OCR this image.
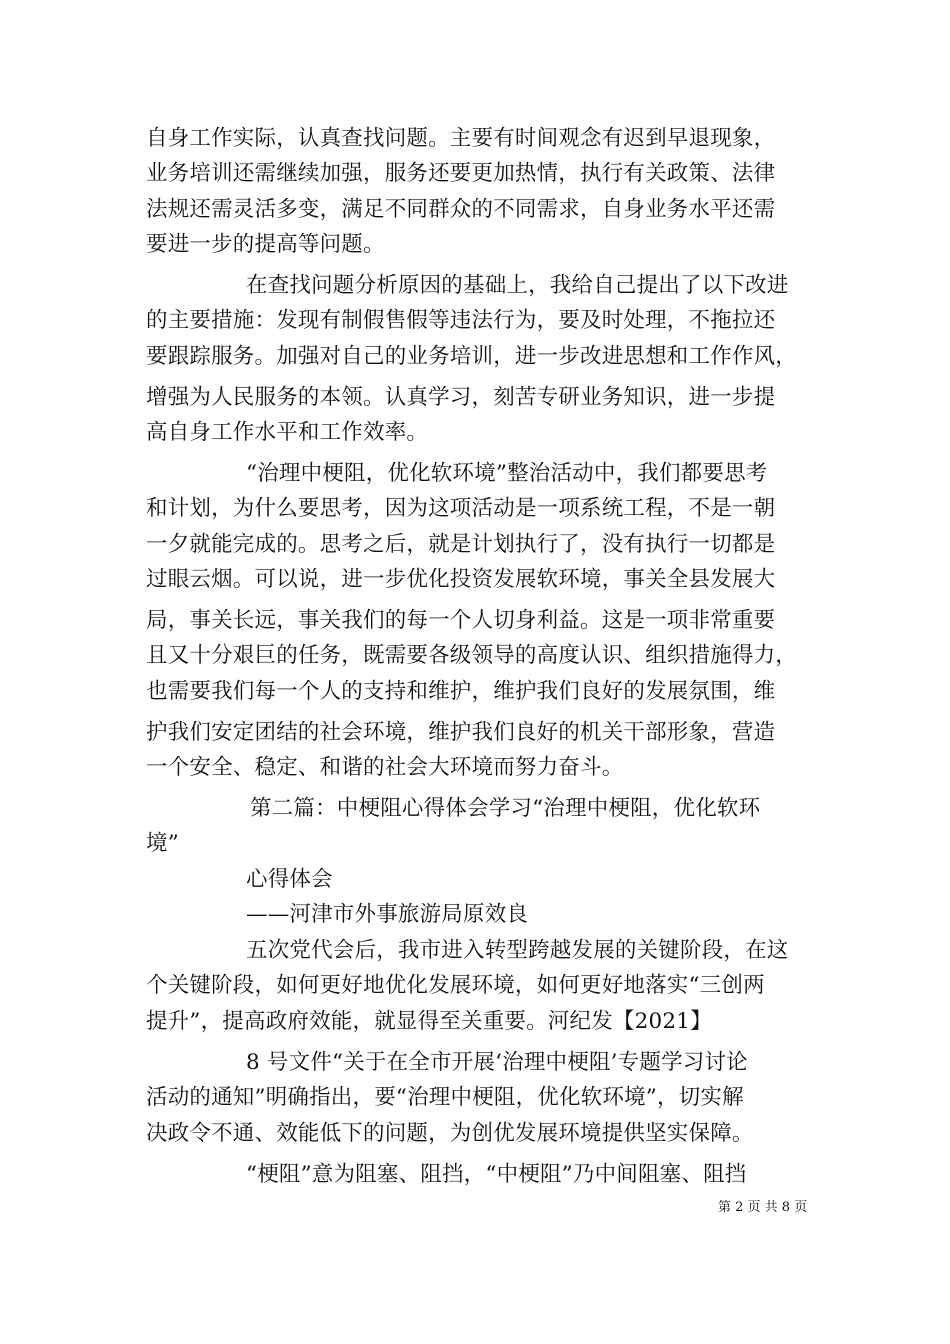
自身工作实际，认真查找问题。主要有时间观念有迟到早退现象，
业务培训还需继续加强，服务还要更加热情，执行有关政策、法律
法规还需灵活多变，满足不同群众的不同需求，自身业务水平还需
要进一步的提高等问题。
在查找问题分析原因的基础上，我给自己提出了以下改进
的主要措施：发现有制假售假等违法行为，要及时处理，不拖拉还
要跟踪服务。加强对自己的业务培训，进一步改进思想和工作作风，
增强为人民服务的本领。认真学习，刻苦专研业务知识，进一步提
高自身工作水平和工作效率。
“治理中梗阻，优化软环境”整治活动中，我们都要思考
和计划，为什么要思考，因为这项活动是一项系统工程，不是一朝
一夕就能完成的。思考之后，就是计划执行了，没有执行一切都是
过眼云烟。可以说，进一步优化投资发展软环境，事关全县发展大
局，事关长远，事关我们的每一个人切身利益。这是一项非常重要
且又十分艰巨的任务，既需要各级领导的高度认识、组织措施得力，
也需要我们每一个人的支持和维护，维护我们良好的发展氛围，维
护我们安定团结的社会环境，维护我们良好的机关干部形象，营造
一个安全、稳定、和谐的社会大环境而努力奋斗。
第二篇：中梗阻心得体会学习“治理中梗阻，优化软环
境”
心得体会
——河津市外事旅游局原效良
五次党代会后，我市进入转型跨越发展的关键阶段，在这
个关键阶段，如何更好地优化发展环境，如何更好地落实“三创两
提升”，提高政府效能，就显得至关重要。河纪发【2021】
8 号文件“关于在全市开展‘治理中梗阻’专题学习讨论
活动的通知”明确指出，要“治理中梗阻，优化软环境”，切实解
决政令不通、效能低下的问题，为创优发展环境提供坚实保障。
“梗阻”意为阻塞、阻挡，“中梗阻”乃中间阻塞、阻挡
第 2 页 共 8 页
